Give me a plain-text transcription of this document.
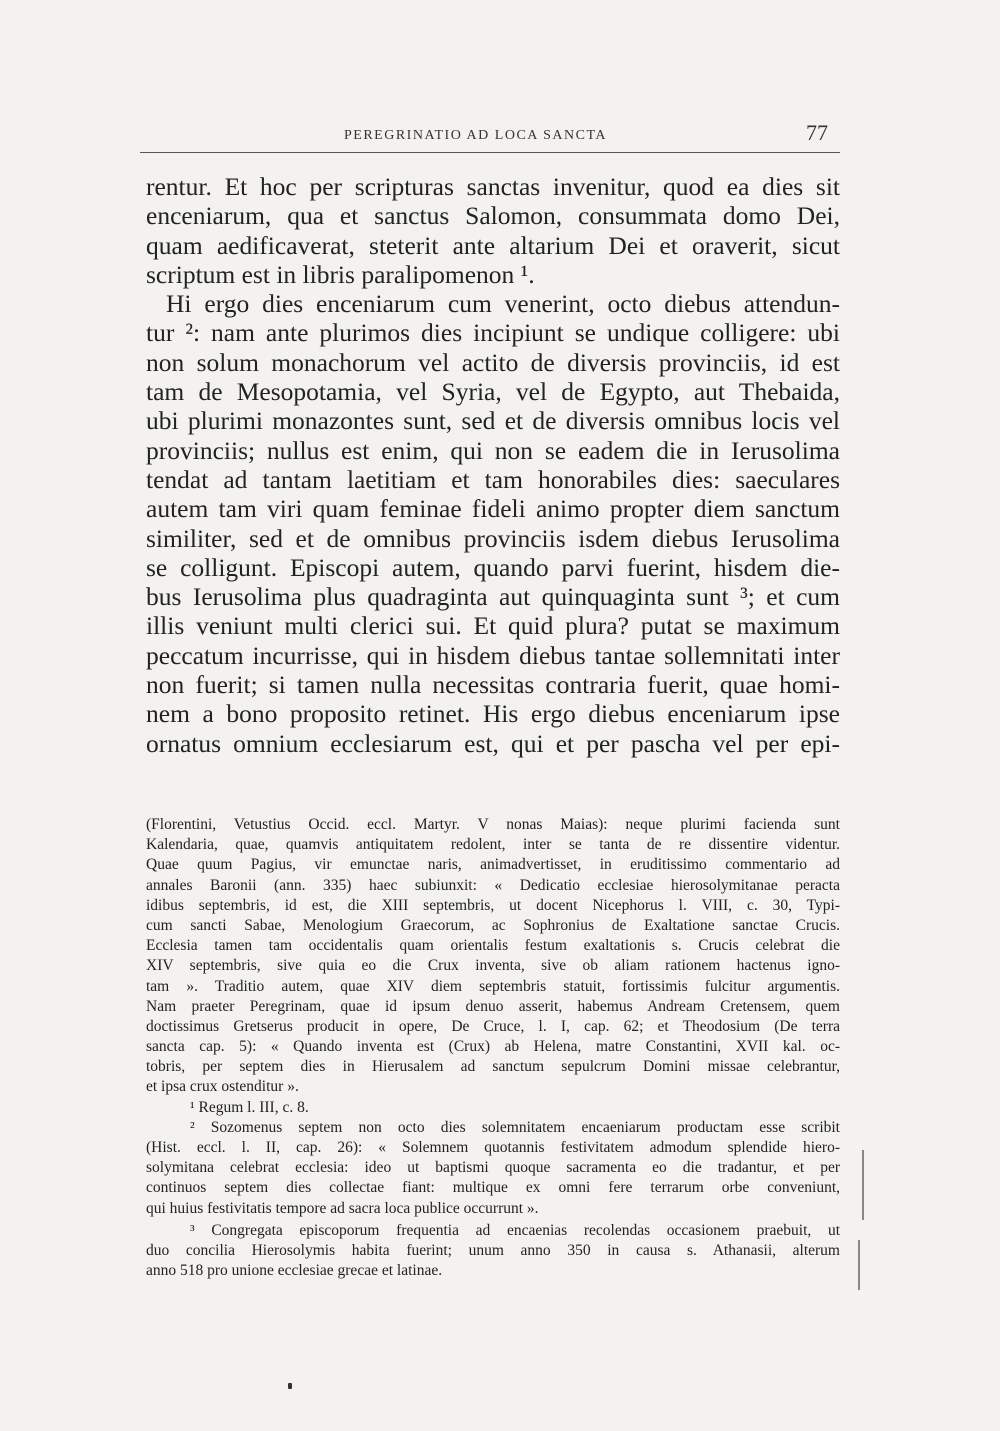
PEREGRINATIO AD LOCA SANCTA	77
rentur. Et hoc per scripturas sanctas invenitur, quod ea dies sit
enceniarum, qua et sanctus Salomon, consummata domo Dei,
quam aedificaverat, steterit ante altarium Dei et oraverit, sicut
scriptum est in libris paralipomenon ¹.
Hi ergo dies enceniarum cum venerint, octo diebus attendun-
tur ²: nam ante plurimos dies incipiunt se undique colligere: ubi
non solum monachorum vel actito de diversis provinciis, id est
tam de Mesopotamia, vel Syria, vel de Egypto, aut Thebaida,
ubi plurimi monazontes sunt, sed et de diversis omnibus locis vel
provinciis; nullus est enim, qui non se eadem die in Ierusolima
tendat ad tantam laetitiam et tam honorabiles dies: saeculares
autem tam viri quam feminae fideli animo propter diem sanctum
similiter, sed et de omnibus provinciis isdem diebus Ierusolima
se colligunt. Episcopi autem, quando parvi fuerint, hisdem die-
bus Ierusolima plus quadraginta aut quinquaginta sunt ³; et cum
illis veniunt multi clerici sui. Et quid plura? putat se maximum
peccatum incurrisse, qui in hisdem diebus tantae sollemnitati inter
non fuerit; si tamen nulla necessitas contraria fuerit, quae homi-
nem a bono proposito retinet. His ergo diebus enceniarum ipse
ornatus omnium ecclesiarum est, qui et per pascha vel per epi-
(Florentini, Vetustius Occid. eccl. Martyr. V nonas Maias): neque plurimi facienda sunt
Kalendaria, quae, quamvis antiquitatem redolent, inter se tanta de re dissentire videntur.
Quae quum Pagius, vir emunctae naris, animadvertisset, in eruditissimo commentario ad
annales Baronii (ann. 335) haec subiunxit: « Dedicatio ecclesiae hierosolymitanae peracta
idibus septembris, id est, die XIII septembris, ut docent Nicephorus l. VIII, c. 30, Typi-
cum sancti Sabae, Menologium Graecorum, ac Sophronius de Exaltatione sanctae Crucis.
Ecclesia tamen tam occidentalis quam orientalis festum exaltationis s. Crucis celebrat die
XIV septembris, sive quia eo die Crux inventa, sive ob aliam rationem hactenus igno-
tam ». Traditio autem, quae XIV diem septembris statuit, fortissimis fulcitur argumentis.
Nam praeter Peregrinam, quae id ipsum denuo asserit, habemus Andream Cretensem, quem
doctissimus Gretserus producit in opere, De Cruce, l. I, cap. 62; et Theodosium (De terra
sancta cap. 5): « Quando inventa est (Crux) ab Helena, matre Constantini, XVII kal. oc-
tobris, per septem dies in Hierusalem ad sanctum sepulcrum Domini missae celebrantur,
et ipsa crux ostenditur ».
¹ Regum l. III, c. 8.
² Sozomenus septem non octo dies solemnitatem encaeniarum productam esse scribit
(Hist. eccl. l. II, cap. 26): « Solemnem quotannis festivitatem admodum splendide hiero-
solymitana celebrat ecclesia: ideo ut baptismi quoque sacramenta eo die tradantur, et per
continuos septem dies collectae fiant: multique ex omni fere terrarum orbe conveniunt,
qui huius festivitatis tempore ad sacra loca publice occurrunt ».
³ Congregata episcoporum frequentia ad encaenias recolendas occasionem praebuit, ut
duo concilia Hierosolymis habita fuerint; unum anno 350 in causa s. Athanasii, alterum
anno 518 pro unione ecclesiae grecae et latinae.
